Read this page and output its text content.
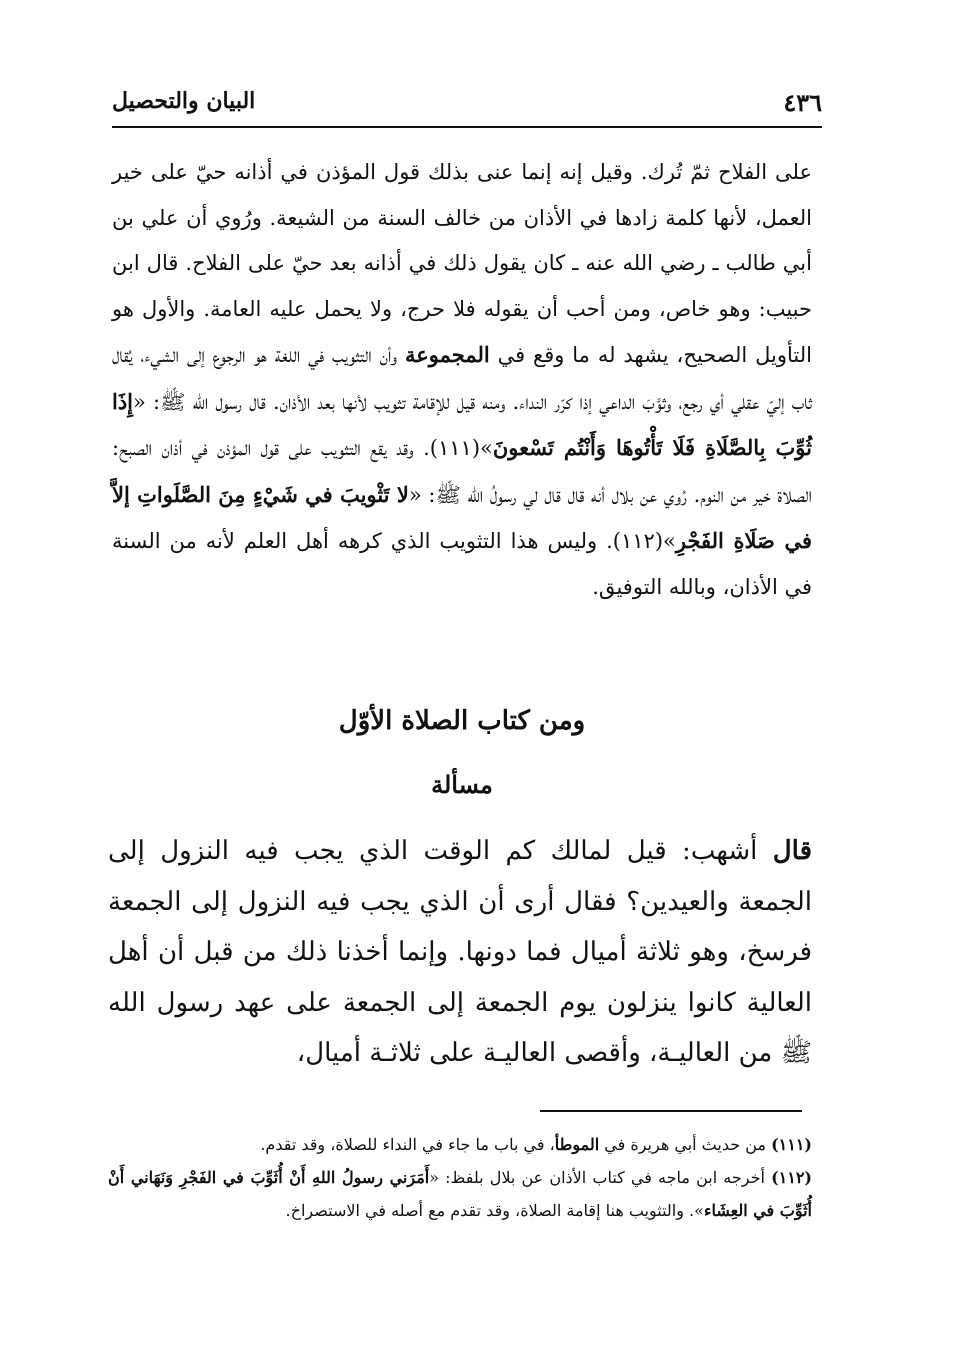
٤٣٦
البيان والتحصيل

على الفلاح ثمّ تُرك. وقيل إنه إنما عنى بذلك قول المؤذن في أذانه حيّ على خير العمل، لأنها كلمة زادها في الأذان من خالف السنة من الشيعة. ورُوي أن علي بن أبي طالب ـ رضي الله عنه ـ كان يقول ذلك في أذانه بعد حيّ على الفلاح. قال ابن حبيب: وهو خاص، ومن أحب أن يقوله فلا حرج، ولا يحمل عليه العامة. والأول هو التأويل الصحيح، يشهد له ما وقع في المجموعة وأن التثويب في اللغة هو الرجوع إلى الشيء، يُقال ثاب إليّ عقلي أي رجع، وثوَّبَ الداعي إذا كرّر النداء. ومنه قيل للإقامة تثويب لأنها بعد الأذان. قال رسول الله ﷺ: «إِذَا ثُوِّبَ بِالصَّلَاةِ فَلَا تَأْتُوهَا وَأَنْتُم تَسْعونَ»(١١١). وقد يقع التثويب على قول المؤذن في أذان الصبح: الصلاة خير من النوم. رُوي عن بلال أنه قال قال لي رسولُ الله ﷺ: «لا تَثْويبَ في شَيْءٍ مِنَ الصَّلَواتِ إلاَّ في صَلَاةِ الفَجْرِ»(١١٢). وليس هذا التثويب الذي كرهه أهل العلم لأنه من السنة في الأذان، وبالله التوفيق.

ومن كتاب الصلاة الأوّل
مسألة

قال أشهب: قيل لمالك كم الوقت الذي يجب فيه النزول إلى الجمعة والعيدين؟ فقال أرى أن الذي يجب فيه النزول إلى الجمعة فرسخ، وهو ثلاثة أميال فما دونها. وإنما أخذنا ذلك من قبل أن أهل العالية كانوا ينزلون يوم الجمعة إلى الجمعة على عهد رسول الله ﷺ من العاليـة، وأقصى العاليـة على ثلاثـة أميال،

(١١١) من حديث أبي هريرة في الموطأ، في باب ما جاء في النداء للصلاة، وقد تقدم.

(١١٢) أخرجه ابن ماجه في كتاب الأذان عن بلال بلفظ: «أَمَرَني رسولُ اللهِ أَنْ أُثَوِّبَ في الفَجْرِ وَنَهَاني أَنْ أُثَوِّبَ في العِشَاء». والتثويب هنا إقامة الصلاة، وقد تقدم مع أصله في الاستصراخ.
